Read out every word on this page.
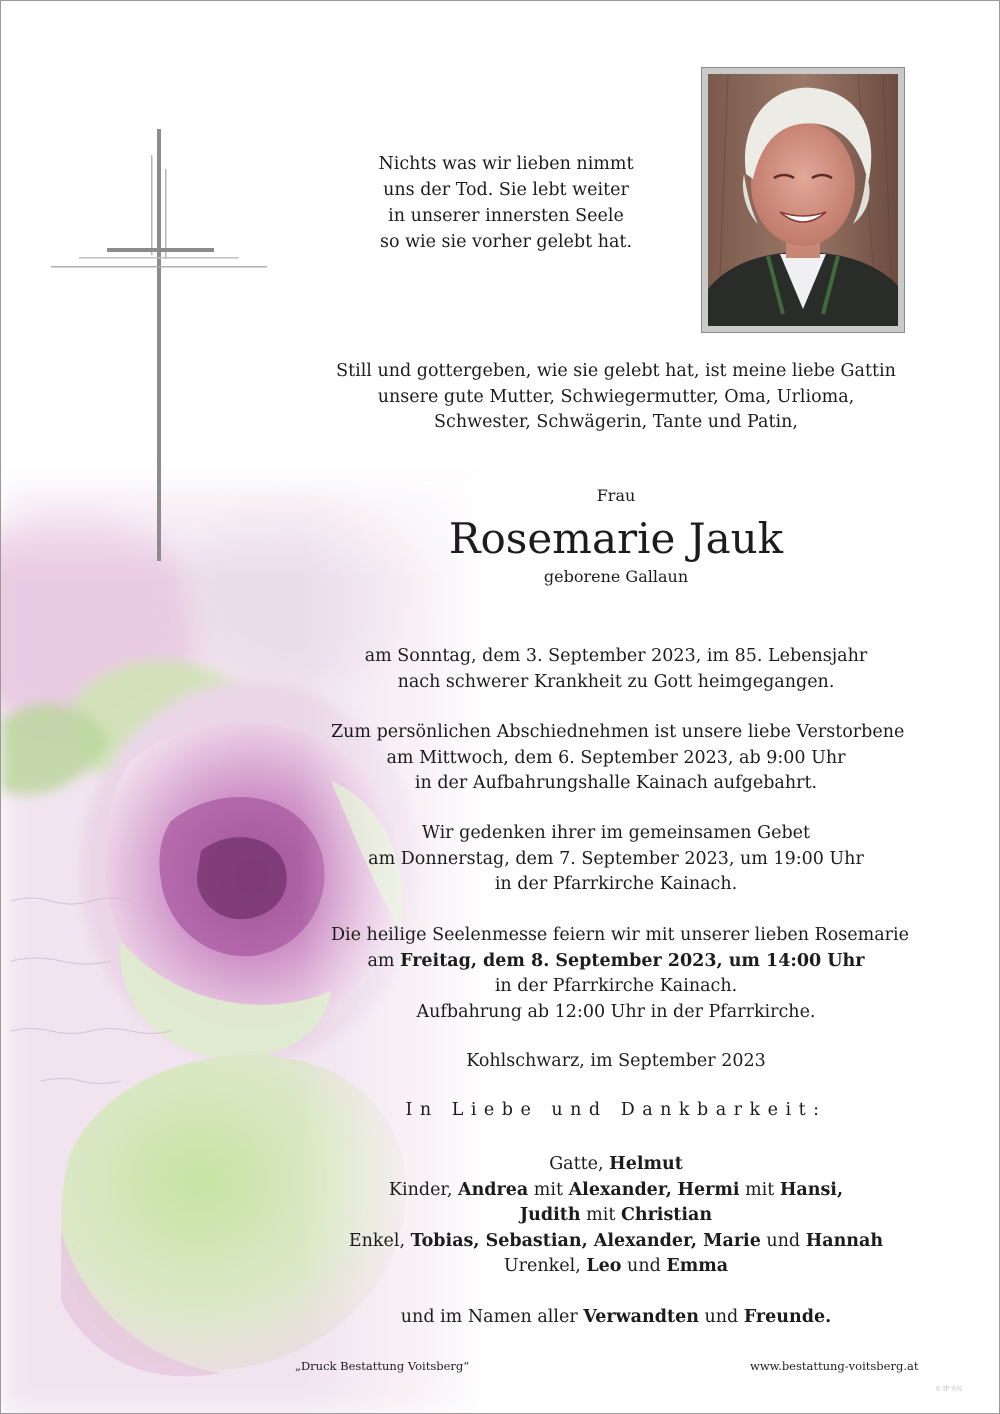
Nichts was wir lieben nimmt
uns der Tod. Sie lebt weiter
in unserer innersten Seele
so wie sie vorher gelebt hat.
Still und gottergeben, wie sie gelebt hat, ist meine liebe Gattin
unsere gute Mutter, Schwiegermutter, Oma, Urlioma,
Schwester, Schwägerin, Tante und Patin,
Frau
Rosemarie Jauk
geborene Gallaun
am Sonntag, dem 3. September 2023, im 85. Lebensjahr
nach schwerer Krankheit zu Gott heimgegangen.
Zum persönlichen Abschiednehmen ist unsere liebe Verstorbene
am Mittwoch, dem 6. September 2023, ab 9:00 Uhr
in der Aufbahrungshalle Kainach aufgebahrt.
Wir gedenken ihrer im gemeinsamen Gebet
am Donnerstag, dem 7. September 2023, um 19:00 Uhr
in der Pfarrkirche Kainach.
Die heilige Seelenmesse feiern wir mit unserer lieben Rosemarie
am Freitag, dem 8. September 2023, um 14:00 Uhr
in der Pfarrkirche Kainach.
Aufbahrung ab 12:00 Uhr in der Pfarrkirche.
Kohlschwarz, im September 2023
In Liebe und Dankbarkeit:
Gatte, Helmut
Kinder, Andrea mit Alexander, Hermi mit Hansi,
Judith mit Christian
Enkel, Tobias, Sebastian, Alexander, Marie und Hannah
Urenkel, Leo und Emma
und im Namen aller Verwandten und Freunde.
„Druck Bestattung Voitsberg“	www.bestattung-voitsberg.at
© IP %%
